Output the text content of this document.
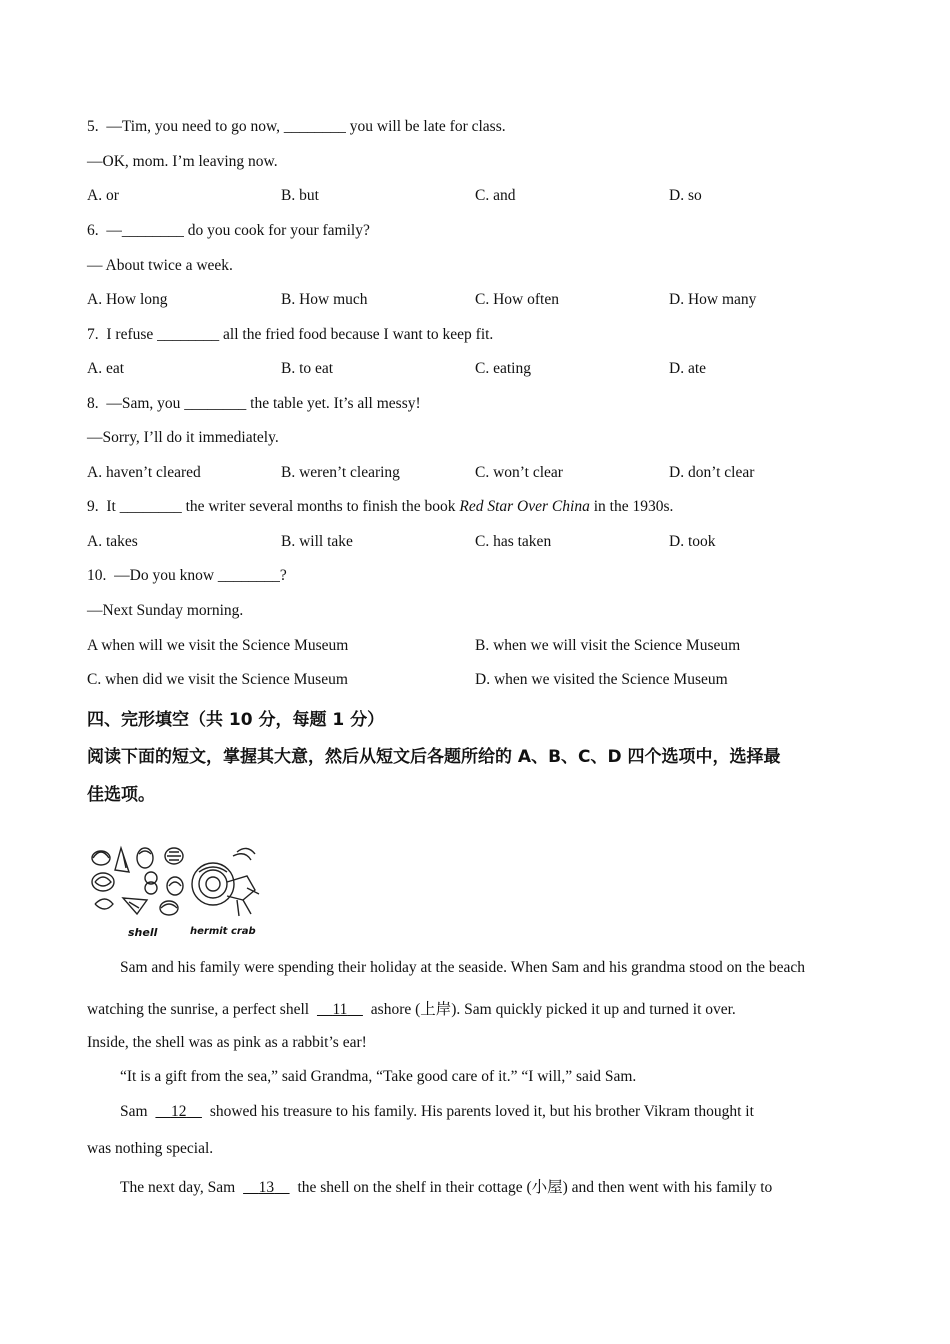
5. —Tim, you need to go now, ________ you will be late for class.
—OK, mom. I’m leaving now.
A. or	B. but	C. and	D. so
6. —________ do you cook for your family?
— About twice a week.
A. How long	B. How much	C. How often	D. How many
7. I refuse ________ all the fried food because I want to keep fit.
A. eat	B. to eat	C. eating	D. ate
8. —Sam, you ________ the table yet. It’s all messy!
—Sorry, I’ll do it immediately.
A. haven’t cleared	B. weren’t clearing	C. won’t clear	D. don’t clear
9. It ________ the writer several months to finish the book Red Star Over China in the 1930s.
A. takes	B. will take	C. has taken	D. took
10. —Do you know ________?
—Next Sunday morning.
A when will we visit the Science Museum	B. when we will visit the Science Museum
C. when did we visit the Science Museum	D. when we visited the Science Museum
四、完形填空（共 10 分，每题 1 分）
阅读下面的短文，掌握其大意，然后从短文后各题所给的 A、B、C、D 四个选项中，选择最
佳选项。
shell	hermit crab
Sam and his family were spending their holiday at the seaside. When Sam and his grandma stood on the beach
watching the sunrise, a perfect shell     11     ashore (上岸). Sam quickly picked it up and turned it over.
Inside, the shell was as pink as a rabbit’s ear!
“It is a gift from the sea,” said Grandma, “Take good care of it.” “I will,” said Sam.
Sam     12     showed his treasure to his family. His parents loved it, but his brother Vikram thought it
was nothing special.
The next day, Sam     13     the shell on the shelf in their cottage (小屋) and then went with his family to
